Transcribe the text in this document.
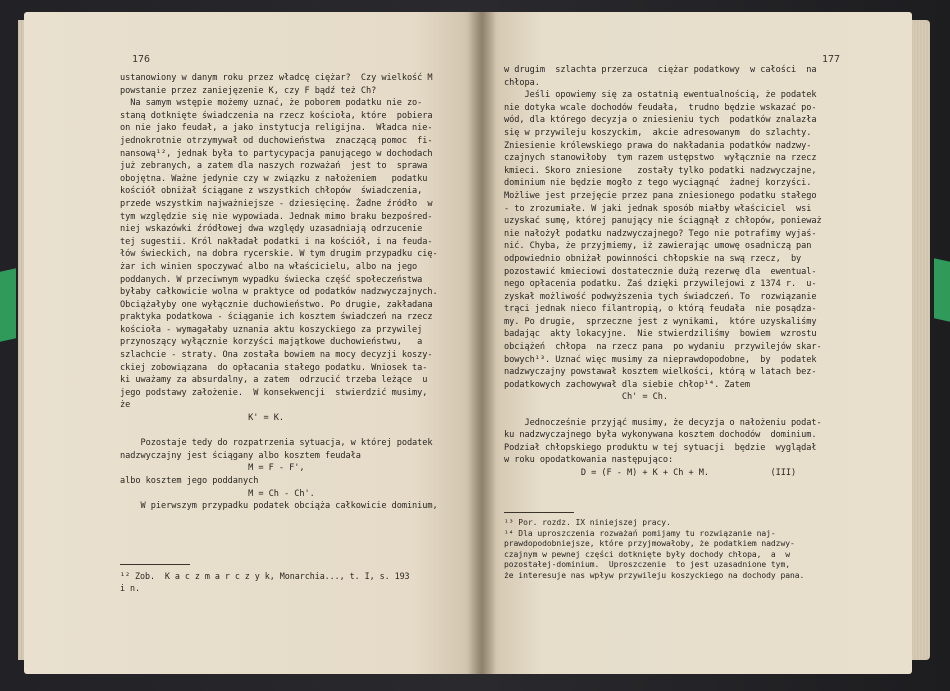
176
ustanowiony w danym roku przez władcę ciężar?  Czy wielkość M
powstanie przez zaniejęzenie K, czy F bądź też Ch?
Na samym wstępie możemy uznać, że poborem podatku nie zo-
staną dotknięte świadczenia na rzecz kościoła, które  pobiera
on nie jako feudał, a jako instytucja religijna.  Władca nie-
jednokrotnie otrzymywał od duchowieństwa  znaczącą pomoc  fi-
nansową¹², jednak była to partycypacja panującego w dochodach
już zebranych, a zatem dla naszych rozważań  jest to  sprawa
obojętna. Ważne jedynie czy w związku z nałożeniem   podatku
kościół obniżał ściągane z wszystkich chłopów  świadczenia,
przede wszystkim najważniejsze - dziesięcinę. Żadne źródło  w
tym względzie się nie wypowiada. Jednak mimo braku bezpośred-
niej wskazówki źródłowej dwa względy uzasadniają odrzucenie
tej sugestii. Król nakładał podatki i na kościół, i na feuda-
łów świeckich, na dobra rycerskie. W tym drugim przypadku cię-
żar ich winien spoczywać albo na właścicielu, albo na jego
poddanych. W przeciwnym wypadku świecka część społeczeństwa
byłaby całkowicie wolna w praktyce od podatków nadzwyczajnych.
Obciążałyby one wyłącznie duchowieństwo. Po drugie, zakładana
praktyka podatkowa - ściąganie ich kosztem świadczeń na rzecz
kościoła - wymagałaby uznania aktu koszyckiego za przywilej
przynoszący wyłącznie korzyści majątkowe duchowieństwu,   a
szlachcie - straty. Ona została bowiem na mocy decyzji koszy-
ckiej zobowiązana  do opłacania stałego podatku. Wniosek ta-
ki uważamy za absurdalny, a zatem  odrzucić trzeba leżące  u
jego podstawy założenie.  W konsekwencji  stwierdzić musimy,
że
K' = K.

Pozostaje tedy do rozpatrzenia sytuacja, w której podatek
nadzwyczajny jest ściągany albo kosztem feudała
M = F - F',
albo kosztem jego poddanych
M = Ch - Ch'.
W pierwszym przypadku podatek obciąża całkowicie dominium,
¹² Zob.  K a c z m a r c z y k, Monarchia..., t. I, s. 193
i n.
177
w drugim  szlachta przerzuca  ciężar podatkowy  w całości  na
chłopa.
Jeśli opowiemy się za ostatnią ewentualnością, że podatek
nie dotyka wcale dochodów feudała,  trudno będzie wskazać po-
wód, dla którego decyzja o zniesieniu tych  podatków znalazła
się w przywileju koszyckim,  akcie adresowanym  do szlachty.
Zniesienie królewskiego prawa do nakładania podatków nadzwy-
czajnych stanowiłoby  tym razem ustępstwo  wyłącznie na rzecz
kmieci. Skoro zniesione   zostały tylko podatki nadzwyczajne,
dominium nie będzie mogło z tego wyciągnąć  żadnej korzyści.
Możliwe jest przejęcie przez pana zniesionego podatku stałego
- to zrozumiałe. W jaki jednak sposób miałby właściciel  wsi
uzyskać sumę, której panujący nie ściągnął z chłopów, ponieważ
nie nałożył podatku nadzwyczajnego? Tego nie potrafimy wyjaś-
nić. Chyba, że przyjmiemy, iż zawierając umowę osadniczą pan
odpowiednio obniżał powinności chłopskie na swą rzecz,  by
pozostawić kmieciowi dostatecznie dużą rezerwę dla  ewentual-
nego opłacenia podatku. Zaś dzięki przywilejowi z 1374 r.  u-
zyskał możliwość podwyższenia tych świadczeń. To  rozwiązanie
trąci jednak nieco filantropią, o którą feudała  nie posądza-
my. Po drugie,  sprzeczne jest z wynikami,  które uzyskaliśmy
badając  akty lokacyjne.  Nie stwierdziliśmy  bowiem  wzrostu
obciążeń  chłopa  na rzecz pana  po wydaniu  przywilejów skar-
bowych¹³. Uznać więc musimy za nieprawdopodobne,  by  podatek
nadzwyczajny powstawał kosztem wielkości, którą w latach bez-
podatkowych zachowywał dla siebie chłop¹⁴. Zatem
Ch' = Ch.

Jednocześnie przyjąć musimy, że decyzja o nałożeniu podat-
ku nadzwyczajnego była wykonywana kosztem dochodów  dominium.
Podział chłopskiego produktu w tej sytuacji  będzie  wyglądał
w roku opodatkowania następująco:
D = (F - M) + K + Ch + M.            (III)
¹³ Por. rozdz. IX niniejszej pracy.
¹⁴ Dla uproszczenia rozważań pomijamy tu rozwiązanie naj-
prawdopodobniejsze, które przyjmowałoby, że podatkiem nadzwy-
czajnym w pewnej części dotknięte były dochody chłopa,  a  w
pozostałej-dominium.  Uproszczenie  to jest uzasadnione tym,
że interesuje nas wpływ przywileju koszyckiego na dochody pana.
